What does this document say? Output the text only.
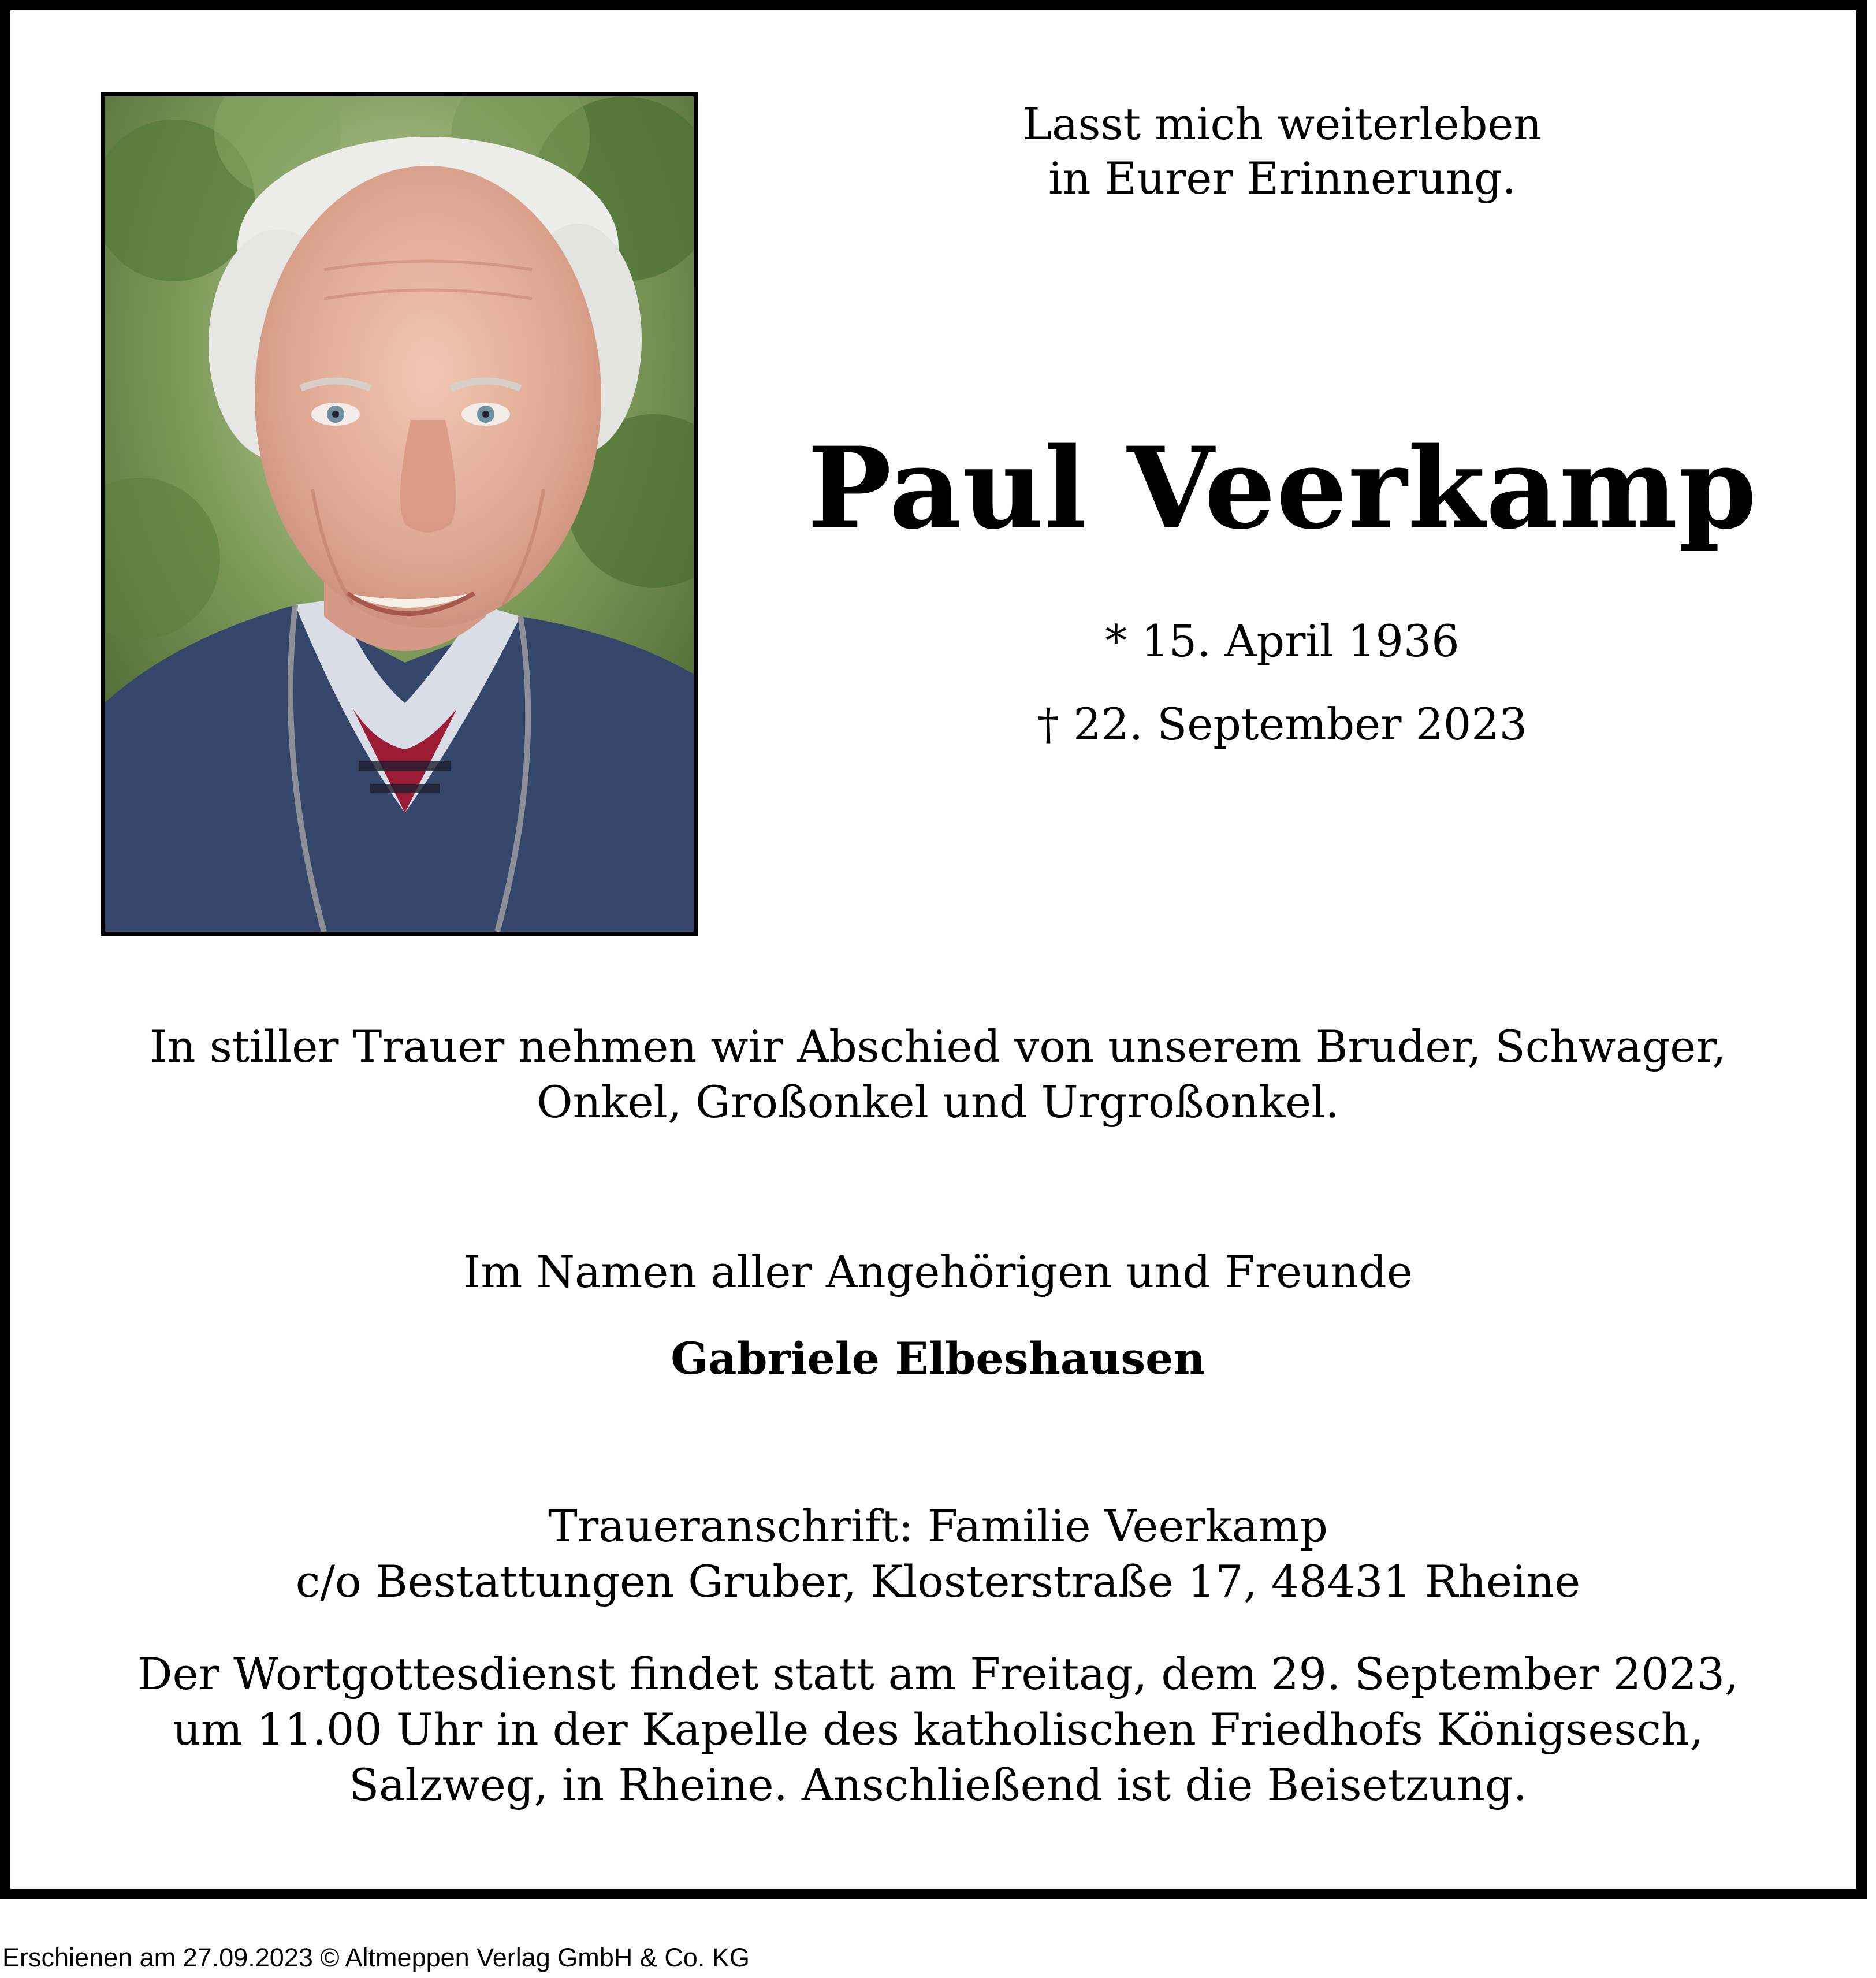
Lasst mich weiterleben
in Eurer Erinnerung.
Paul Veerkamp
* 15. April 1936
† 22. September 2023
In stiller Trauer nehmen wir Abschied von unserem Bruder, Schwager,
Onkel, Großonkel und Urgroßonkel.
Im Namen aller Angehörigen und Freunde
Gabriele Elbeshausen
Traueranschrift: Familie Veerkamp
c/o Bestattungen Gruber, Klosterstraße 17, 48431 Rheine
Der Wortgottesdienst findet statt am Freitag, dem 29. September 2023,
um 11.00 Uhr in der Kapelle des katholischen Friedhofs Königsesch,
Salzweg, in Rheine. Anschließend ist die Beisetzung.
Erschienen am 27.09.2023 © Altmeppen Verlag GmbH & Co. KG
